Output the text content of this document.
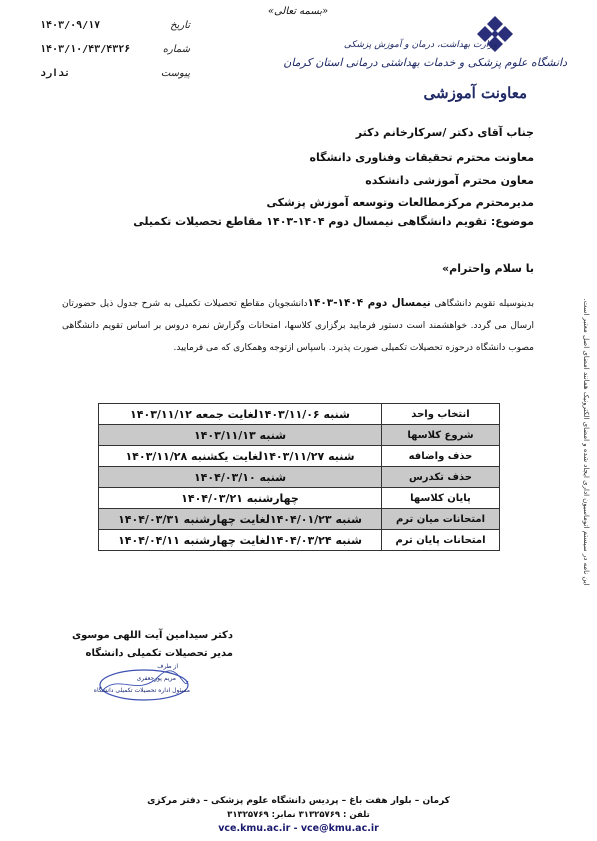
«بسمه تعالی»
تاریخ
۱۴۰۳/۰۹/۱۷
شماره
۱۴۰۳/۱۰/۴۳/۴۳۲۶
پیوست
ندارد
وزارت بهداشت، درمان و آموزش پزشکی
دانشگاه علوم پزشکی و خدمات بهداشتی درمانی استان کرمان
معاونت آموزشی
جناب آقای دکتر /سرکارخانم دکتر
معاونت محترم تحقیقات وفناوری دانشگاه
معاون محترم آموزشی دانشکده
مدیرمحترم مرکزمطالعات وتوسعه آموزش پزشکی
موضوع: تقویم دانشگاهی نیمسال دوم ۱۴۰۴-۱۴۰۳ مقاطع تحصیلات تکمیلی
با سلام واحترام»
بدینوسیله تقویم دانشگاهی نیمسال دوم ۱۴۰۴-۱۴۰۳دانشجویان مقاطع تحصیلات تکمیلی به شرح جدول ذیل حضورتان ارسال می گردد. خواهشمند است دستور فرمایید برگزاری کلاسها، امتحانات وگزارش نمره دروس بر اساس تقویم دانشگاهی مصوب دانشگاه درحوزه تحصیلات تکمیلی صورت پذیرد. باسپاس ازتوجه وهمکاری که می فرمایید.
انتخاب واحد	شنبه ۱۴۰۳/۱۱/۰۶لغایت جمعه ۱۴۰۳/۱۱/۱۲
شروع کلاسها	شنبه ۱۴۰۳/۱۱/۱۳
حذف واضافه	شنبه ۱۴۰۳/۱۱/۲۷لغایت یکشنبه ۱۴۰۳/۱۱/۲۸
حذف تکدرس	شنبه ۱۴۰۴/۰۳/۱۰
پایان کلاسها	چهارشنبه ۱۴۰۴/۰۳/۲۱
امتحانات میان ترم	شنبه ۱۴۰۴/۰۱/۲۳لغایت چهارشنبه ۱۴۰۴/۰۳/۳۱
امتحانات پایان ترم	شنبه ۱۴۰۴/۰۳/۲۴لغایت چهارشنبه ۱۴۰۴/۰۴/۱۱	این نامه در سیستم اتوماسیون اداری ایجاد شده و امضای الکترونیک همانند امضای اصل معتبر است.
دکتر سیدامین آیت اللهی موسوی
مدیر تحصیلات تکمیلی دانشگاه
از طرف
مریم پورجعفری
مسئول اداره تحصیلات تکمیلی دانشگاه
کرمان – بلوار هفت باغ – پردیس دانشگاه علوم پزشکی – دفتر مرکزی
تلفن : ۳۱۳۲۵۷۶۹ نمابر: ۳۱۳۲۵۷۶۹
vce.kmu.ac.ir - vce@kmu.ac.ir
